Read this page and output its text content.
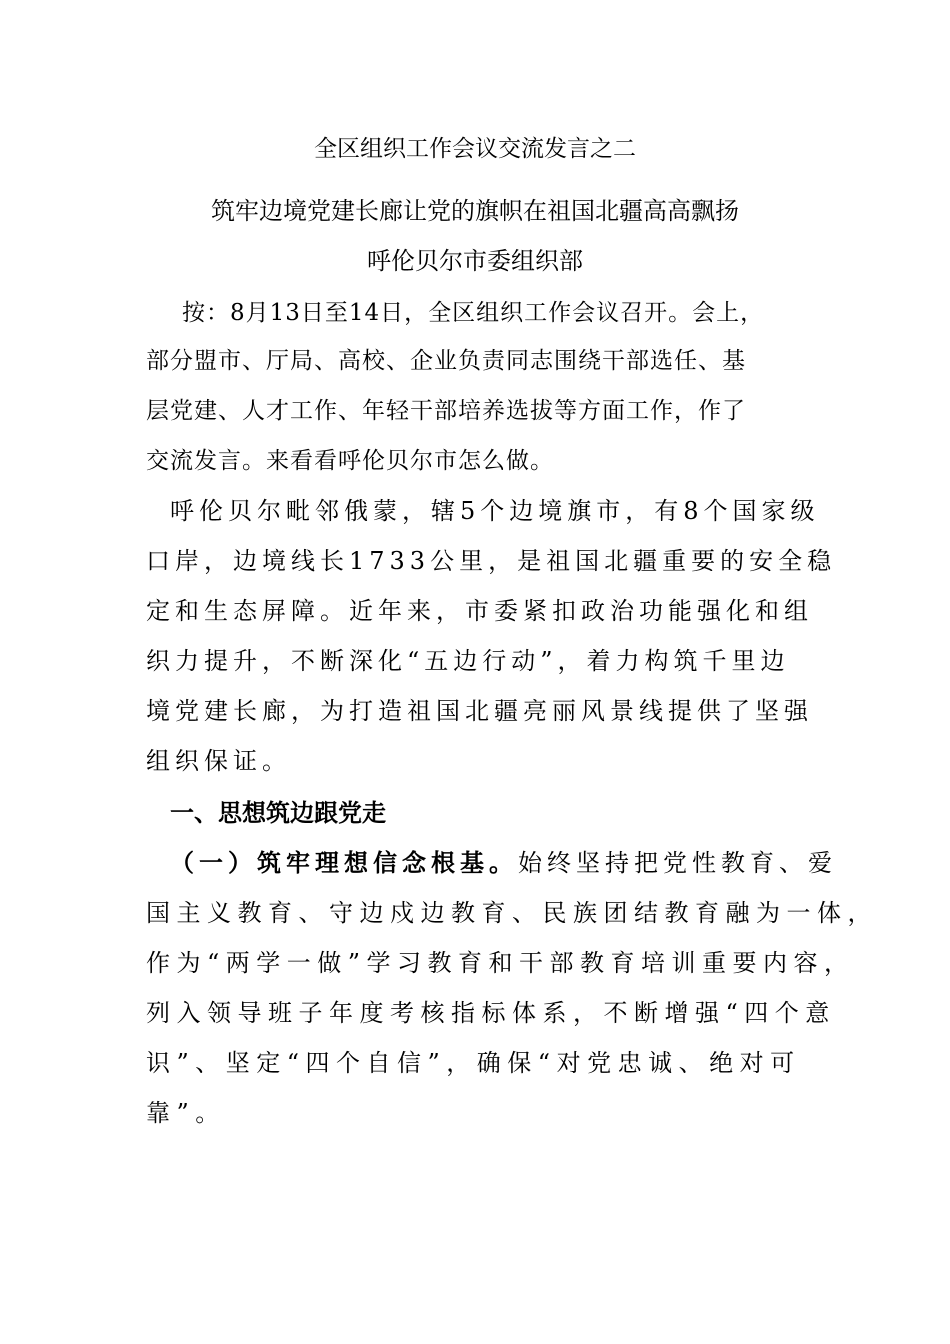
全区组织工作会议交流发言之二
筑牢边境党建长廊让党的旗帜在祖国北疆高高飘扬
呼伦贝尔市委组织部
按：8月13日至14日，全区组织工作会议召开。会上，
部分盟市、厅局、高校、企业负责同志围绕干部选任、基
层党建、人才工作、年轻干部培养选拔等方面工作，作了
交流发言。来看看呼伦贝尔市怎么做。
呼伦贝尔毗邻俄蒙，辖5个边境旗市，有8个国家级
口岸，边境线长1733公里，是祖国北疆重要的安全稳
定和生态屏障。近年来，市委紧扣政治功能强化和组
织力提升，不断深化“五边行动”，着力构筑千里边
境党建长廊，为打造祖国北疆亮丽风景线提供了坚强
组织保证。
一、思想筑边跟党走
（一）筑牢理想信念根基。始终坚持把党性教育、爱
国主义教育、守边戍边教育、民族团结教育融为一体，
作为“两学一做”学习教育和干部教育培训重要内容，
列入领导班子年度考核指标体系，不断增强“四个意
识”、坚定“四个自信”，确保“对党忠诚、绝对可
靠”。
